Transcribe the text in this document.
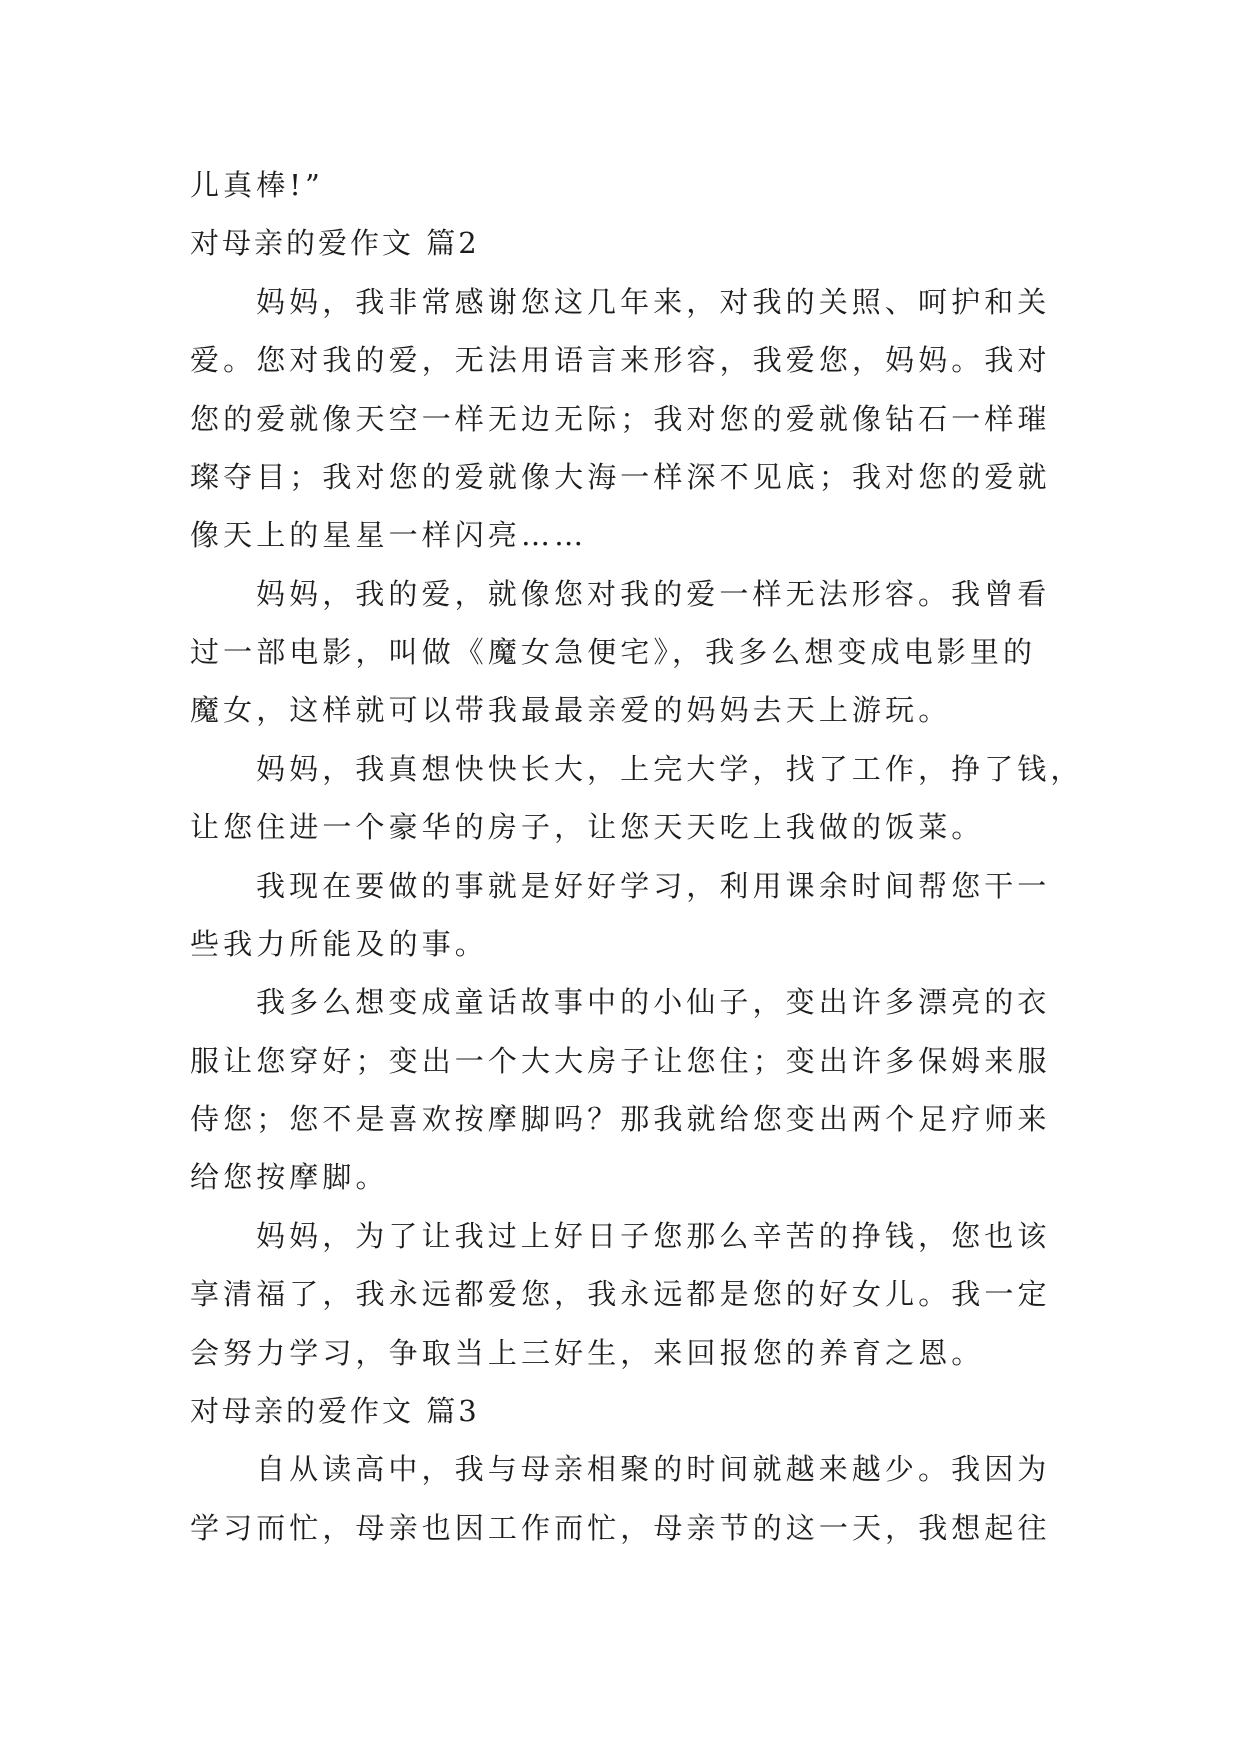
儿真棒!”
对母亲的爱作文 篇2
妈妈，我非常感谢您这几年来，对我的关照、呵护和关
爱。您对我的爱，无法用语言来形容，我爱您，妈妈。我对
您的爱就像天空一样无边无际；我对您的爱就像钻石一样璀
璨夺目；我对您的爱就像大海一样深不见底；我对您的爱就
像天上的星星一样闪亮……
妈妈，我的爱，就像您对我的爱一样无法形容。我曾看
过一部电影，叫做《魔女急便宅》，我多么想变成电影里的
魔女，这样就可以带我最最亲爱的妈妈去天上游玩。
妈妈，我真想快快长大，上完大学，找了工作，挣了钱，
让您住进一个豪华的房子，让您天天吃上我做的饭菜。
我现在要做的事就是好好学习，利用课余时间帮您干一
些我力所能及的事。
我多么想变成童话故事中的小仙子，变出许多漂亮的衣
服让您穿好；变出一个大大房子让您住；变出许多保姆来服
侍您；您不是喜欢按摩脚吗？那我就给您变出两个足疗师来
给您按摩脚。
妈妈，为了让我过上好日子您那么辛苦的挣钱，您也该
享清福了，我永远都爱您，我永远都是您的好女儿。我一定
会努力学习，争取当上三好生，来回报您的养育之恩。
对母亲的爱作文 篇3
自从读高中，我与母亲相聚的时间就越来越少。我因为
学习而忙，母亲也因工作而忙，母亲节的这一天，我想起往
